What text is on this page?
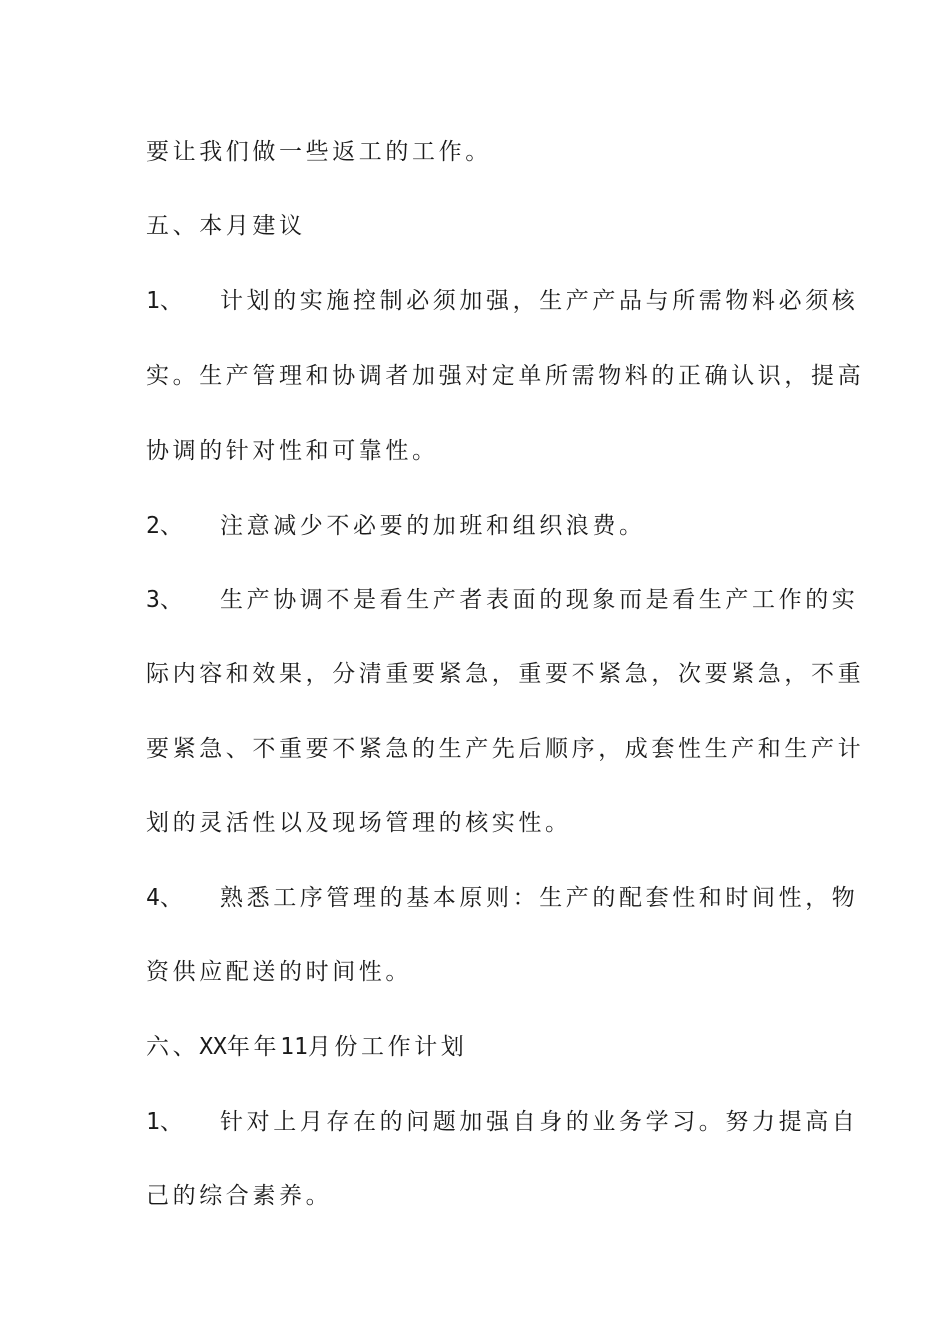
要让我们做一些返工的工作。
五、本月建议
1、 计划的实施控制必须加强，生产产品与所需物料必须核
实。生产管理和协调者加强对定单所需物料的正确认识，提高
协调的针对性和可靠性。
2、 注意减少不必要的加班和组织浪费。
3、 生产协调不是看生产者表面的现象而是看生产工作的实
际内容和效果，分清重要紧急，重要不紧急，次要紧急，不重
要紧急、不重要不紧急的生产先后顺序，成套性生产和生产计
划的灵活性以及现场管理的核实性。
4、 熟悉工序管理的基本原则：生产的配套性和时间性，物
资供应配送的时间性。
六、XX年年11月份工作计划
1、 针对上月存在的问题加强自身的业务学习。努力提高自
己的综合素养。
